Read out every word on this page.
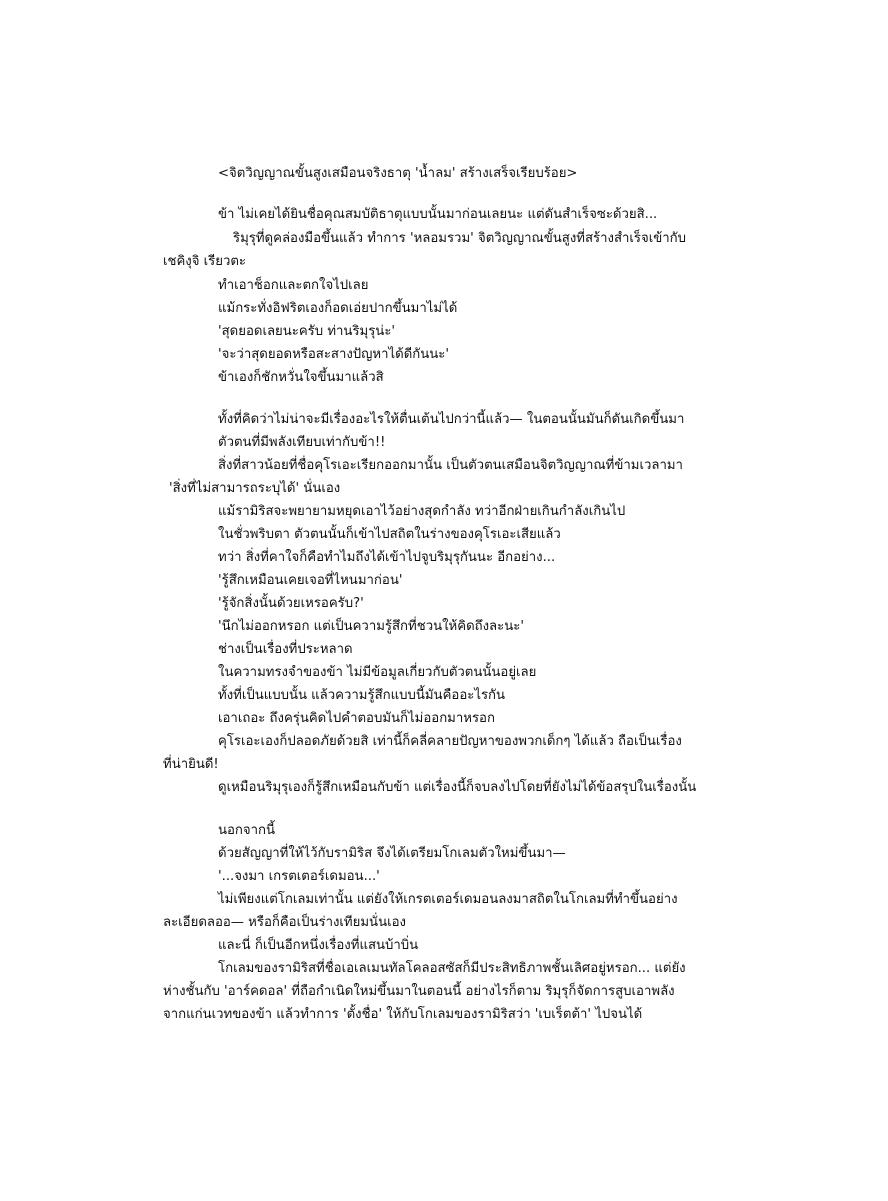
<จิตวิญญาณขั้นสูงเสมือนจริงธาตุ 'น้ำลม' สร้างเสร็จเรียบร้อย>
ข้า ไม่เคยได้ยินชื่อคุณสมบัติธาตุแบบนั้นมาก่อนเลยนะ แต่ดันสำเร็จซะด้วยสิ...
ริมุรุที่ดูคล่องมือขึ้นแล้ว ทำการ 'หลอมรวม' จิตวิญญาณขั้นสูงที่สร้างสำเร็จเข้ากับ
เชคิงุจิ เรียวตะ
ทำเอาช็อกและตกใจไปเลย
แม้กระทั่งอิฟริตเองก็อดเอ่ยปากขึ้นมาไม่ได้
'สุดยอดเลยนะครับ ท่านริมุรุน่ะ'
'จะว่าสุดยอดหรือสะสางปัญหาได้ดีกันนะ'
ข้าเองก็ชักหวั่นใจขึ้นมาแล้วสิ
ทั้งที่คิดว่าไม่น่าจะมีเรื่องอะไรให้ตื่นเต้นไปกว่านี้แล้ว— ในตอนนั้นมันก็ดันเกิดขึ้นมา
ตัวตนที่มีพลังเทียบเท่ากับข้า!!
สิ่งที่สาวน้อยที่ชื่อคุโรเอะเรียกออกมานั้น เป็นตัวตนเสมือนจิตวิญญาณที่ข้ามเวลามา
'สิ่งที่ไม่สามารถระบุได้' นั่นเอง
แม้รามิริสจะพยายามหยุดเอาไว้อย่างสุดกำลัง ทว่าอีกฝ่ายเกินกำลังเกินไป
ในชั่วพริบตา ตัวตนนั้นก็เข้าไปสถิตในร่างของคุโรเอะเสียแล้ว
ทว่า สิ่งที่คาใจก็คือทำไมถึงได้เข้าไปจูบริมุรุกันนะ อีกอย่าง...
'รู้สึกเหมือนเคยเจอที่ไหนมาก่อน'
'รู้จักสิ่งนั้นด้วยเหรอครับ?'
'นึกไม่ออกหรอก แต่เป็นความรู้สึกที่ชวนให้คิดถึงละนะ'
ช่างเป็นเรื่องที่ประหลาด
ในความทรงจำของข้า ไม่มีข้อมูลเกี่ยวกับตัวตนนั้นอยู่เลย
ทั้งที่เป็นแบบนั้น แล้วความรู้สึกแบบนี้มันคืออะไรกัน
เอาเถอะ ถึงครุ่นคิดไปคำตอบมันก็ไม่ออกมาหรอก
คุโรเอะเองก็ปลอดภัยด้วยสิ เท่านี้ก็คลี่คลายปัญหาของพวกเด็กๆ ได้แล้ว ถือเป็นเรื่อง
ที่น่ายินดี!
ดูเหมือนริมุรุเองก็รู้สึกเหมือนกับข้า แต่เรื่องนี้ก็จบลงไปโดยที่ยังไม่ได้ข้อสรุปในเรื่องนั้น
นอกจากนี้
ด้วยสัญญาที่ให้ไว้กับรามิริส จึงได้เตรียมโกเลมตัวใหม่ขึ้นมา—
'...จงมา เกรตเตอร์เดมอน...'
ไม่เพียงแต่โกเลมเท่านั้น แต่ยังให้เกรตเตอร์เดมอนลงมาสถิตในโกเลมที่ทำขึ้นอย่าง
ละเอียดลออ— หรือก็คือเป็นร่างเทียมนั่นเอง
และนี่ ก็เป็นอีกหนึ่งเรื่องที่แสนบ้าบิ่น
โกเลมของรามิริสที่ชื่อเอเลเมนทัลโคลอสซัสก็มีประสิทธิภาพชั้นเลิศอยู่หรอก... แต่ยัง
ห่างชั้นกับ 'อาร์คดอล' ที่ถือกำเนิดใหม่ขึ้นมาในตอนนี้ อย่างไรก็ตาม ริมุรุก็จัดการสูบเอาพลัง
จากแก่นเวทของข้า แล้วทำการ 'ตั้งชื่อ' ให้กับโกเลมของรามิริสว่า 'เบเร็ตต้า' ไปจนได้
